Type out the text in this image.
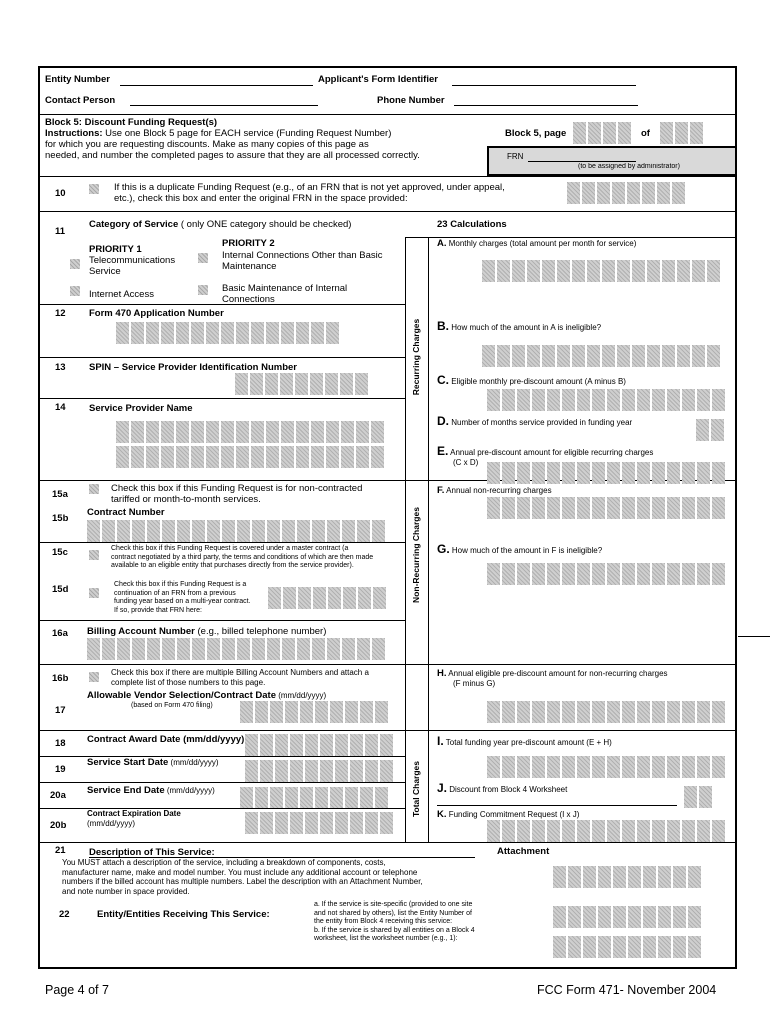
Entity Number	Applicant's Form Identifier
Contact Person	Phone Number
Block 5: Discount Funding Request(s)
Instructions: Use one Block 5 page for EACH service (Funding Request Number)
for which you are requesting discounts. Make as many copies of this page as
needed, and number the completed pages to assure that they are all processed correctly.
Block 5, page	of
FRN
(to be assigned by administrator)
10
If this is a duplicate Funding Request (e.g., of an FRN that is not yet approved, under appeal,
etc.), check this box and enter the original FRN in the space provided:
11
Category of Service ( only ONE category should be checked)
PRIORITY 1
Telecommunications
Service
Internet Access
PRIORITY 2
Internal Connections Other than Basic
Maintenance
Basic Maintenance of Internal
Connections
12 Form 470 Application Number
13 SPIN – Service Provider Identification Number
14 Service Provider Name
15a
Check this box if this Funding Request is for non-contracted
tariffed or month-to-month services.
15b
Contract Number
15c	Check this box if this Funding Request is covered under a master contract (a
contract negotiated by a third party, the terms and conditions of which are then made
available to an eligible entity that purchases directly from the service provider).
15d	Check this box if this Funding Request is a
continuation of an FRN from a previous
funding year based on a multi-year contract.
If so, provide that FRN here:
16a Billing Account Number (e.g., billed telephone number)
16b
Check this box if there are multiple Billing Account Numbers and attach a
complete list of those numbers to this page.
Allowable Vendor Selection/Contract Date (mm/dd/yyyy)
17	(based on Form 470 filing)
18 Contract Award Date (mm/dd/yyyy)
19
Service Start Date (mm/dd/yyyy)
20a Service End Date (mm/dd/yyyy)
20b
Contract Expiration Date
(mm/dd/yyyy)
21 Description of This Service:
You MUST attach a description of the service, including a breakdown of components, costs,
manufacturer name, make and model number. You must include any additional account or telephone
numbers if the billed account has multiple numbers. Label the description with an Attachment Number,
and note number in space provided.
Attachment
22	Entity/Entities Receiving This Service:
a. If the service is site-specific (provided to one site
and not shared by others), list the Entity Number of
the entity from Block 4 receiving this service:
b. If the service is shared by all entities on a Block 4
worksheet, list the worksheet number (e.g., 1):
23 Calculations
Recurring Charges
Non-Recurring Charges
Total Charges
A. Monthly charges (total amount per month for service)
B. How much of the amount in A is ineligible?
C. Eligible monthly pre-discount amount (A minus B)
D. Number of months service provided in funding year
E. Annual pre-discount amount for eligible recurring charges
(C x D)
F. Annual non-recurring charges
G. How much of the amount in F is ineligible?
H. Annual eligible pre-discount amount for non-recurring charges
(F minus G)
I. Total funding year pre-discount amount (E + H)
J. Discount from Block 4 Worksheet
K. Funding Commitment Request (I x J)
Page 4 of 7	FCC Form 471- November 2004
